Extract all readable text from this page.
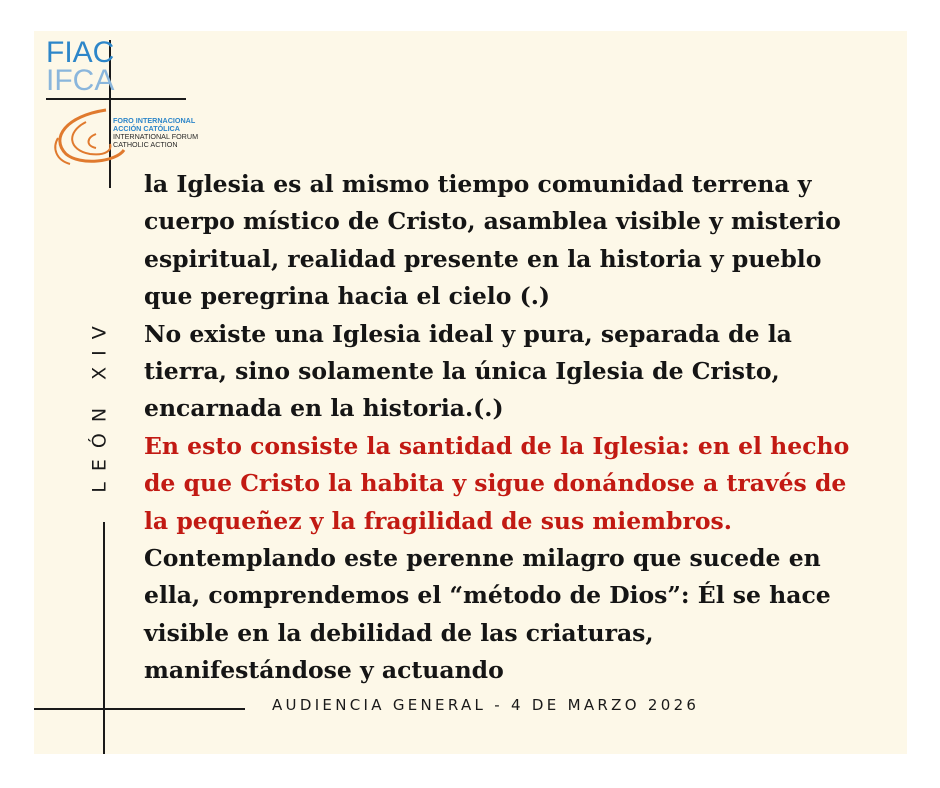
FIAC
IFCA
FORO INTERNACIONAL
ACCIÓN CATÓLICA
INTERNATIONAL FORUM
CATHOLIC ACTION
LEÓN XIV

la Iglesia es al mismo tiempo comunidad terrena y

cuerpo místico de Cristo, asamblea visible y misterio

espiritual, realidad presente en la historia y pueblo

que peregrina hacia el cielo (.)

No existe una Iglesia ideal y pura, separada de la

tierra, sino solamente la única Iglesia de Cristo,

encarnada en la historia.(.)

En esto consiste la santidad de la Iglesia: en el hecho

de que Cristo la habita y sigue donándose a través de

la pequeñez y la fragilidad de sus miembros.

Contemplando este perenne milagro que sucede en

ella, comprendemos el “método de Dios”: Él se hace

visible en la debilidad de las criaturas,

manifestándose y actuando

AUDIENCIA GENERAL - 4 DE MARZO 2026
